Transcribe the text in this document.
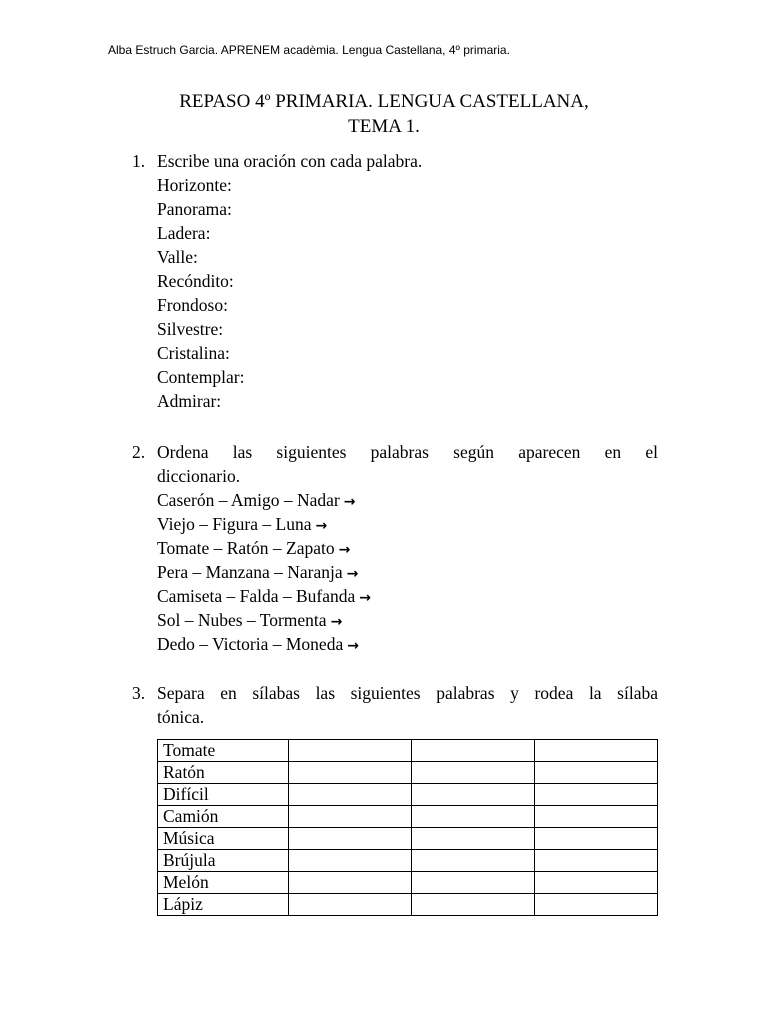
Alba Estruch Garcia. APRENEM acadèmia. Lengua Castellana, 4º primaria.
REPASO 4º PRIMARIA. LENGUA CASTELLANA,
TEMA 1.
1. Escribe una oración con cada palabra.
Horizonte:
Panorama:
Ladera:
Valle:
Recóndito:
Frondoso:
Silvestre:
Cristalina:
Contemplar:
Admirar:
2. Ordena las siguientes palabras según aparecen en el
diccionario.
Caserón – Amigo – Nadar →
Viejo – Figura – Luna →
Tomate – Ratón – Zapato →
Pera – Manzana – Naranja →
Camiseta – Falda – Bufanda →
Sol – Nubes – Tormenta →
Dedo – Victoria – Moneda →
3. Separa en sílabas las siguientes palabras y rodea la sílaba
tónica.
Tomate			
Ratón			
Difícil			
Camión			
Música			
Brújula			
Melón			
Lápiz			
